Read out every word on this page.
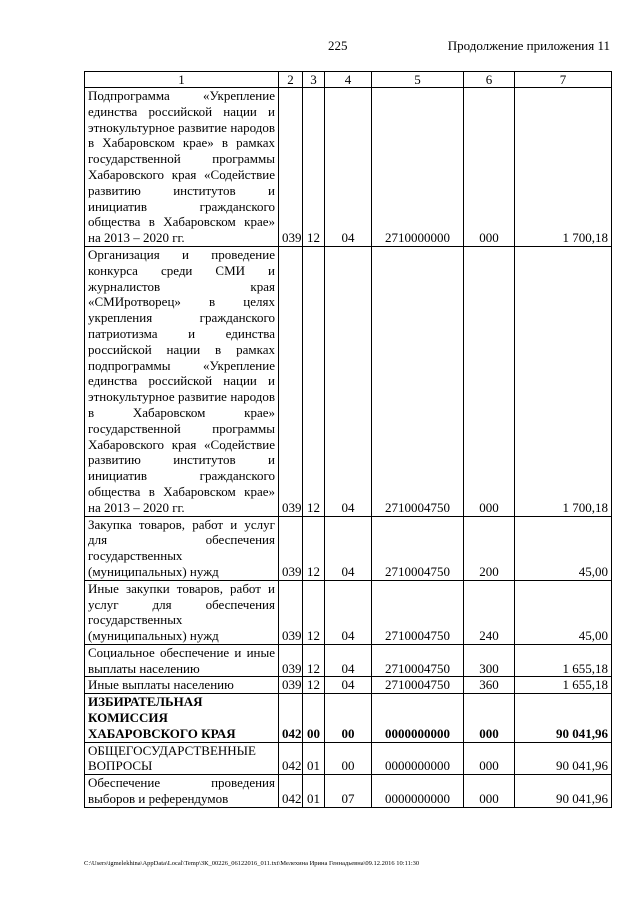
225	Продолжение приложения 11
1	2	3	4	5	6	7
Подпрограмма «Укрепление единства российской нации и этнокультурное развитие народов в Хабаровском крае» в рамках государственной программы Хабаровского края «Содействие развитию институтов и инициатив гражданского общества в Хабаровском крае» на 2013 – 2020 гг.	039	12	04	2710000000	000	1 700,18
Организация и проведение конкурса среди СМИ и журналистов края «СМИротворец» в целях укрепления гражданского патриотизма и единства российской нации в рамках подпрограммы «Укрепление единства российской нации и этнокультурное развитие народов в Хабаровском крае» государственной программы Хабаровского края «Содействие развитию институтов и инициатив гражданского общества в Хабаровском крае» на 2013 – 2020 гг.	039	12	04	2710004750	000	1 700,18
Закупка товаров, работ и услуг для обеспечения государственных (муниципальных) нужд	039	12	04	2710004750	200	45,00
Иные закупки товаров, работ и услуг для обеспечения государственных (муниципальных) нужд	039	12	04	2710004750	240	45,00
Социальное обеспечение и иные выплаты населению	039	12	04	2710004750	300	1 655,18
Иные выплаты населению	039	12	04	2710004750	360	1 655,18
ИЗБИРАТЕЛЬНАЯ КОМИССИЯ ХАБАРОВСКОГО КРАЯ	042	00	00	0000000000	000	90 041,96
ОБЩЕГОСУДАРСТВЕННЫЕ ВОПРОСЫ	042	01	00	0000000000	000	90 041,96
Обеспечение проведения выборов и референдумов	042	01	07	0000000000	000	90 041,96
C:\Users\igmelekhina\AppData\Local\Temp\ЗК_00226_06122016_011.txt\Мелехина Ирина Геннадьевна\09.12.2016 10:11:30
